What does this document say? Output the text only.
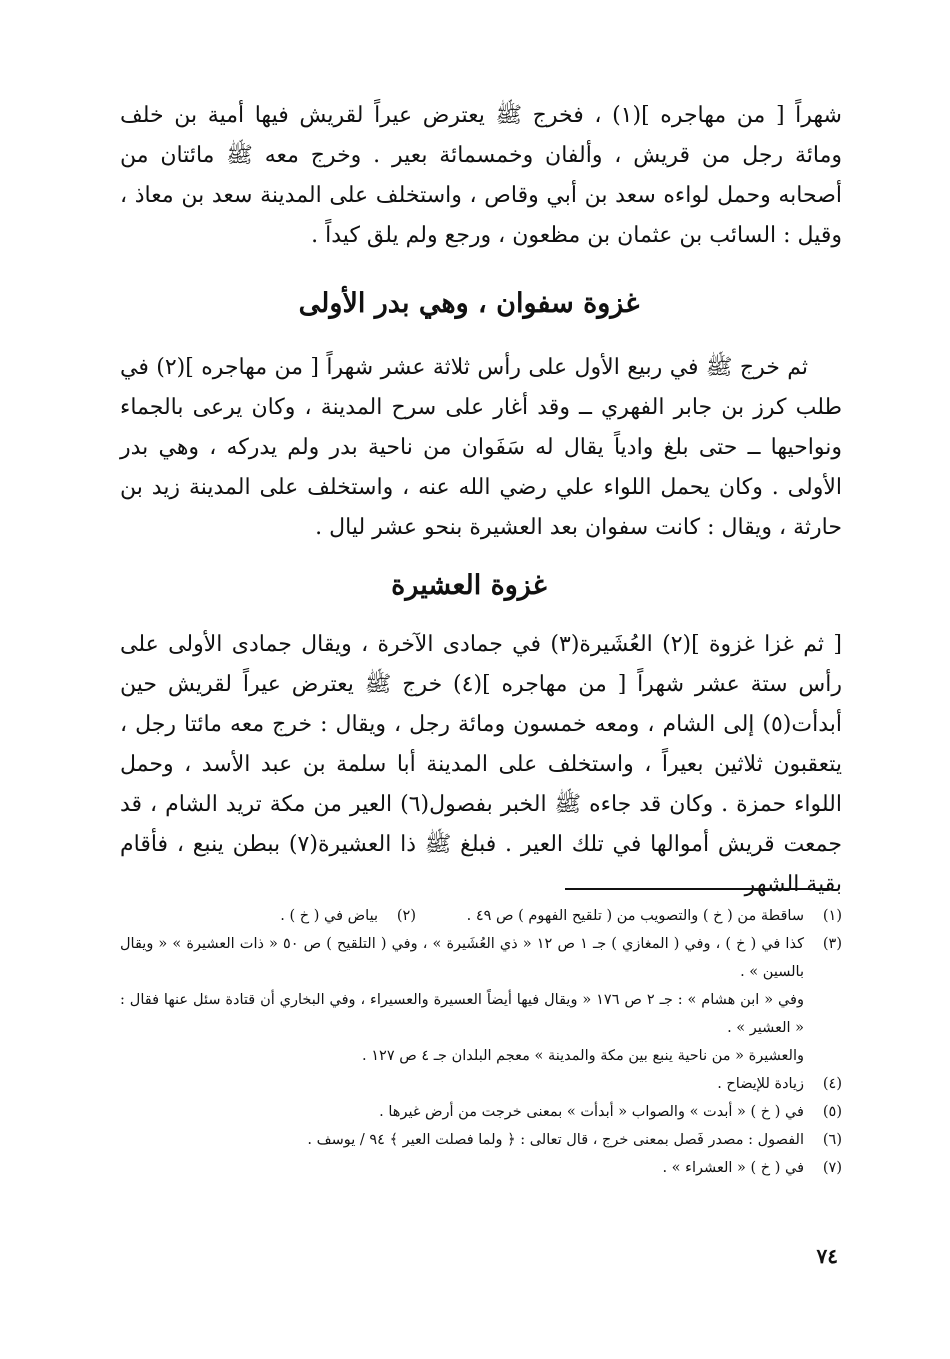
شهراً [ من مهاجره ](١) ، فخرج ﷺ يعترض عيراً لقريش فيها أمية بن خلف ومائة رجل من قريش ، وألفان وخمسمائة بعير . وخرج معه ﷺ مائتان من أصحابه وحمل لواءه سعد بن أبي وقاص ، واستخلف على المدينة سعد بن معاذ ، وقيل : السائب بن عثمان بن مظعون ، ورجع ولم يلق كيداً .
غزوة سفوان ، وهي بدر الأولى
ثم خرج ﷺ في ربيع الأول على رأس ثلاثة عشر شهراً [ من مهاجره ](٢) في طلب كرز بن جابر الفهري ــ وقد أغار على سرح المدينة ، وكان يرعى بالجماء ونواحيها ــ حتى بلغ وادياً يقال له سَفَوان من ناحية بدر ولم يدركه ، وهي بدر الأولى . وكان يحمل اللواء علي رضي الله عنه ، واستخلف على المدينة زيد بن حارثة ، ويقال : كانت سفوان بعد العشيرة بنحو عشر ليال .
غزوة العشيرة
[ ثم غزا غزوة ](٢) العُشَيرة(٣) في جمادى الآخرة ، ويقال جمادى الأولى على رأس ستة عشر شهراً [ من مهاجره ](٤) خرج ﷺ يعترض عيراً لقريش حين أبدأت(٥) إلى الشام ، ومعه خمسون ومائة رجل ، ويقال : خرج معه مائتا رجل ، يتعقبون ثلاثين بعيراً ، واستخلف على المدينة أبا سلمة بن عبد الأسد ، وحمل اللواء حمزة . وكان قد جاءه ﷺ الخبر بفصول(٦) العير من مكة تريد الشام ، قد جمعت قريش أموالها في تلك العير . فبلغ ﷺ ذا العشيرة(٧) ببطن ينبع ، فأقام بقية الشهر
(١)
ساقطة من ( خ ) والتصويب من ( تلقيح الفهوم ) ص ٤٩ .
(٢)
بياض في ( خ ) .
(٣)
كذا في ( خ ) ، وفي ( المغازي ) جـ ١ ص ١٢ « ذي العُشَيرة » ، وفي ( التلقيح ) ص ٥٠ « ذات العشيرة » « ويقال بالسين » .
وفي « ابن هشام » : جـ ٢ ص ١٧٦ « ويقال فيها أيضاً العسيرة والعسيراء ، وفي البخاري أن قتادة سئل عنها فقال : « العشير » .
والعشيرة « من ناحية ينبع بين مكة والمدينة » معجم البلدان جـ ٤ ص ١٢٧ .
(٤)
زيادة للإيضاح .
(٥)
في ( خ ) « أبدت » والصواب « أبدأت » بمعنى خرجت من أرض غيرها .
(٦)
الفصول : مصدر فَصل بمعنى خرج ، قال تعالى : ﴿ ولما فصلت العير ﴾ ٩٤ / يوسف .
(٧)
في ( خ ) « العشراء » .
٧٤
